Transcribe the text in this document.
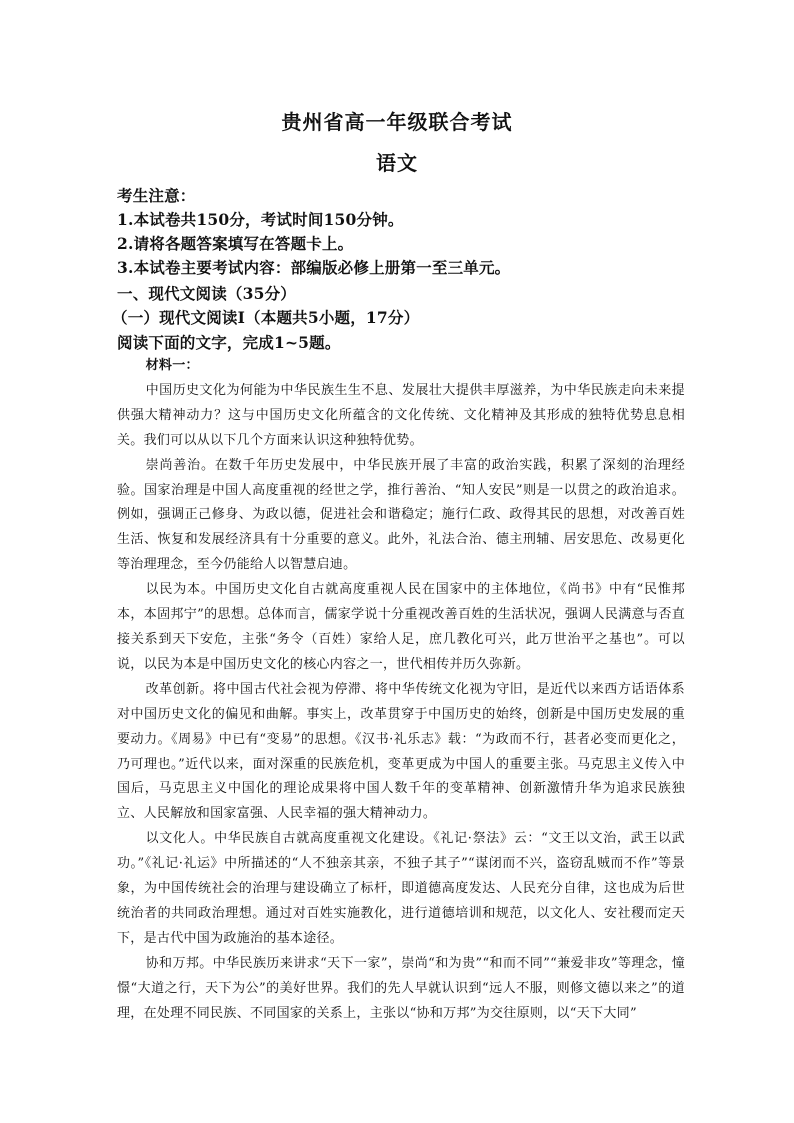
贵州省高一年级联合考试
语文
考生注意：
1.本试卷共150分，考试时间150分钟。
2.请将各题答案填写在答题卡上。
3.本试卷主要考试内容：部编版必修上册第一至三单元。
一、现代文阅读（35分）
（一）现代文阅读Ⅰ（本题共5小题，17分）
阅读下面的文字，完成1~5题。

材料一：

中国历史文化为何能为中华民族生生不息、发展壮大提供丰厚滋养，为中华民族走向未来提供强大精神动力？这与中国历史文化所蕴含的文化传统、文化精神及其形成的独特优势息息相关。我们可以从以下几个方面来认识这种独特优势。

崇尚善治。在数千年历史发展中，中华民族开展了丰富的政治实践，积累了深刻的治理经验。国家治理是中国人高度重视的经世之学，推行善治、“知人安民”则是一以贯之的政治追求。例如，强调正己修身、为政以德，促进社会和谐稳定；施行仁政、政得其民的思想，对改善百姓生活、恢复和发展经济具有十分重要的意义。此外，礼法合治、德主刑辅、居安思危、改易更化等治理理念，至今仍能给人以智慧启迪。

以民为本。中国历史文化自古就高度重视人民在国家中的主体地位，《尚书》中有“民惟邦本，本固邦宁”的思想。总体而言，儒家学说十分重视改善百姓的生活状况，强调人民满意与否直接关系到天下安危，主张“务令（百姓）家给人足，庶几教化可兴，此万世治平之基也”。可以说，以民为本是中国历史文化的核心内容之一，世代相传并历久弥新。

改革创新。将中国古代社会视为停滞、将中华传统文化视为守旧，是近代以来西方话语体系对中国历史文化的偏见和曲解。事实上，改革贯穿于中国历史的始终，创新是中国历史发展的重要动力。《周易》中已有“变易”的思想。《汉书·礼乐志》载：“为政而不行，甚者必变而更化之，乃可理也。”近代以来，面对深重的民族危机，变革更成为中国人的重要主张。马克思主义传入中国后，马克思主义中国化的理论成果将中国人数千年的变革精神、创新激情升华为追求民族独立、人民解放和国家富强、人民幸福的强大精神动力。

以文化人。中华民族自古就高度重视文化建设。《礼记·祭法》云：“文王以文治，武王以武功。”《礼记·礼运》中所描述的“人不独亲其亲，不独子其子”“谋闭而不兴，盗窃乱贼而不作”等景象，为中国传统社会的治理与建设确立了标杆，即道德高度发达、人民充分自律，这也成为后世统治者的共同政治理想。通过对百姓实施教化，进行道德培训和规范，以文化人、安社稷而定天下，是古代中国为政施治的基本途径。

协和万邦。中华民族历来讲求“天下一家”，崇尚“和为贵”“和而不同”“兼爱非攻”等理念，憧憬“大道之行，天下为公”的美好世界。我们的先人早就认识到“远人不服，则修文德以来之”的道理，在处理不同民族、不同国家的关系上，主张以“协和万邦”为交往原则，以“天下大同”
